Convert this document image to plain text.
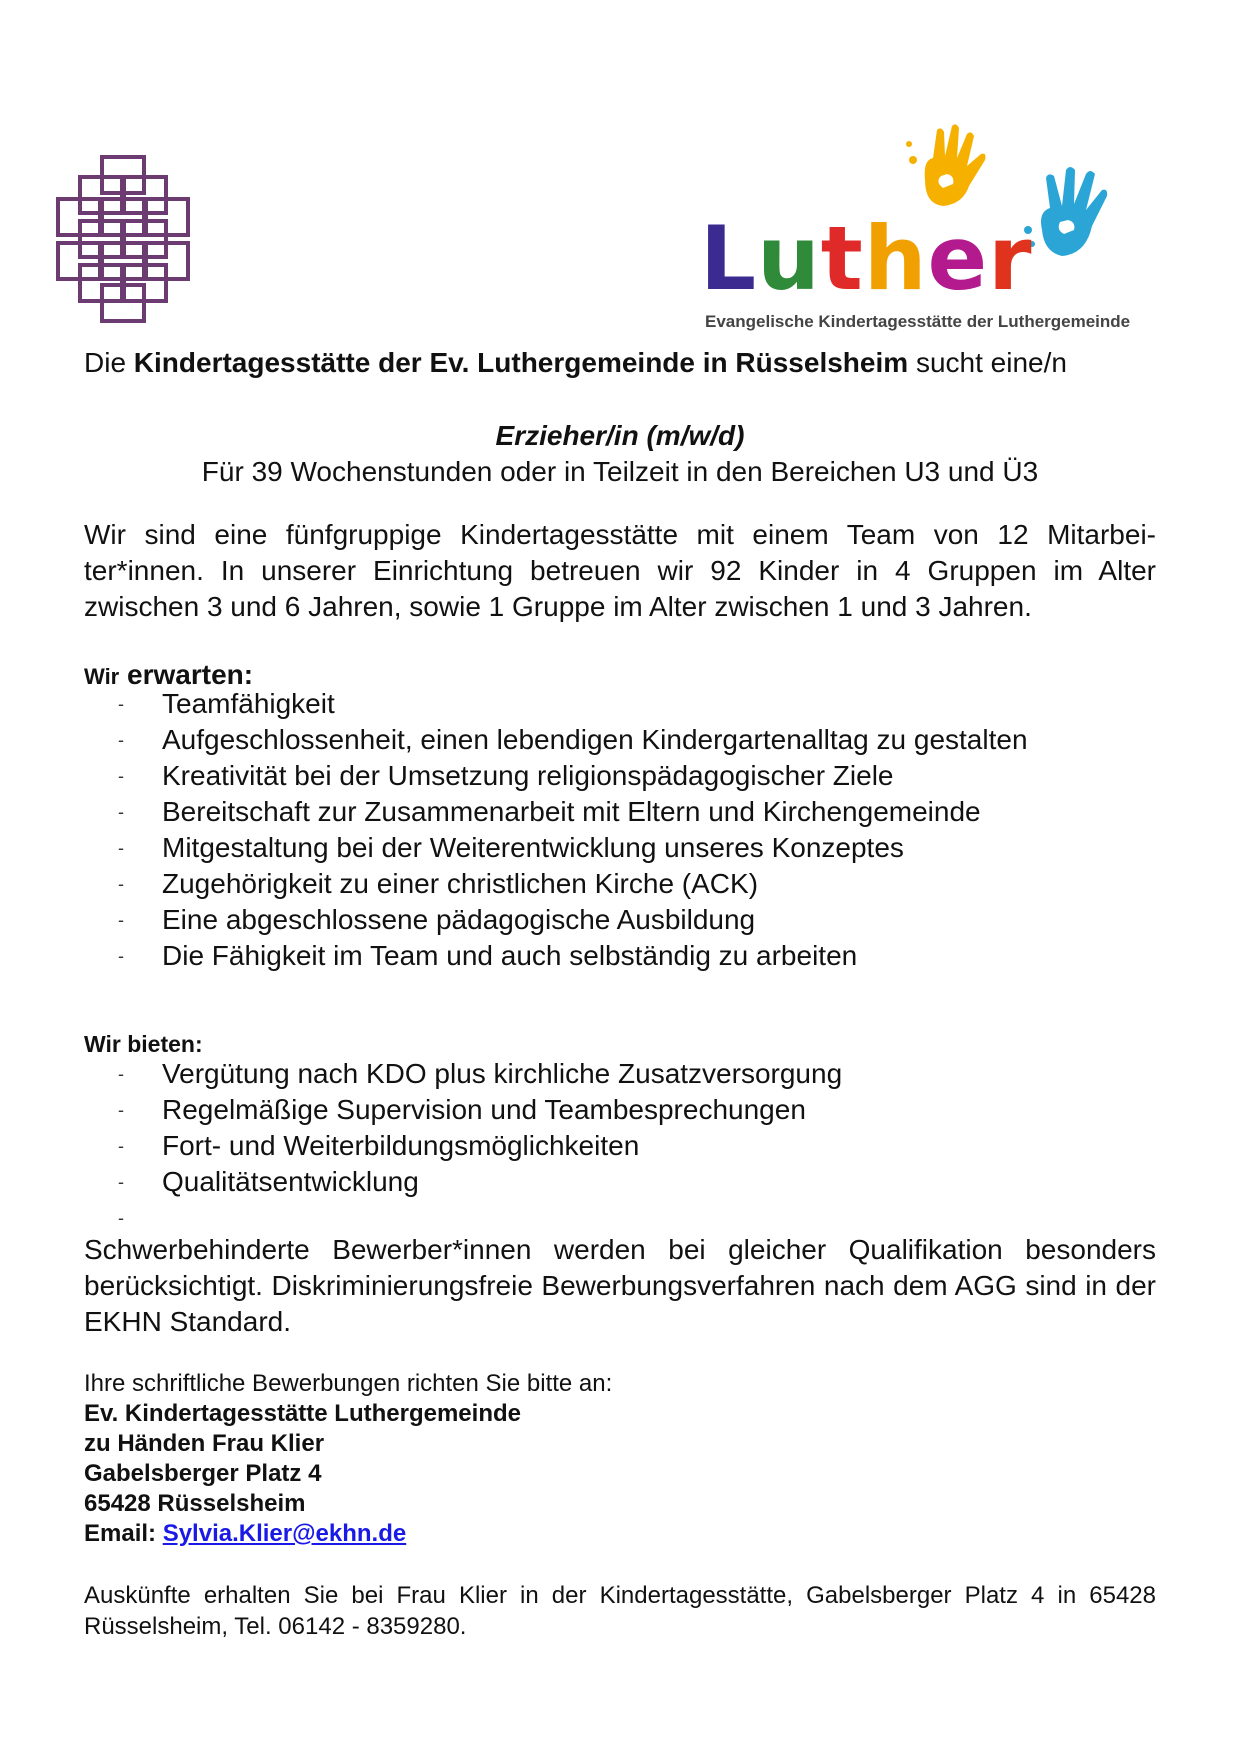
Luther
Evangelische Kindertagesstätte der Luthergemeinde
Die Kindertagesstätte der Ev. Luthergemeinde in Rüsselsheim sucht eine/n
Erzieher/in (m/w/d)
Für 39 Wochenstunden oder in Teilzeit in den Bereichen U3 und Ü3
Wir sind eine fünfgruppige Kindertagesstätte mit einem Team von 12 Mitarbeiter*innen. In unserer Einrichtung betreuen wir 92 Kinder in 4 Gruppen im Alter zwischen 3 und 6 Jahren, sowie 1 Gruppe im Alter zwischen 1 und 3 Jahren.
Wir erwarten:
-	Teamfähigkeit
-	Aufgeschlossenheit, einen lebendigen Kindergartenalltag zu gestalten
-	Kreativität bei der Umsetzung religionspädagogischer Ziele
-	Bereitschaft zur Zusammenarbeit mit Eltern und Kirchengemeinde
-	Mitgestaltung bei der Weiterentwicklung unseres Konzeptes
-	Zugehörigkeit zu einer christlichen Kirche (ACK)
-	Eine abgeschlossene pädagogische Ausbildung
-	Die Fähigkeit im Team und auch selbständig zu arbeiten
Wir bieten:
-	Vergütung nach KDO plus kirchliche Zusatzversorgung
-	Regelmäßige Supervision und Teambesprechungen
-	Fort- und Weiterbildungsmöglichkeiten
-	Qualitätsentwicklung
-
Schwerbehinderte Bewerber*innen werden bei gleicher Qualifikation besonders berücksichtigt. Diskriminierungsfreie Bewerbungsverfahren nach dem AGG sind in der EKHN Standard.
Ihre schriftliche Bewerbungen richten Sie bitte an:
Ev. Kindertagesstätte Luthergemeinde
zu Händen Frau Klier
Gabelsberger Platz 4
65428 Rüsselsheim
Email: Sylvia.Klier@ekhn.de
Auskünfte erhalten Sie bei Frau Klier in der Kindertagesstätte, Gabelsberger Platz 4 in 65428 Rüsselsheim, Tel. 06142 - 8359280.
